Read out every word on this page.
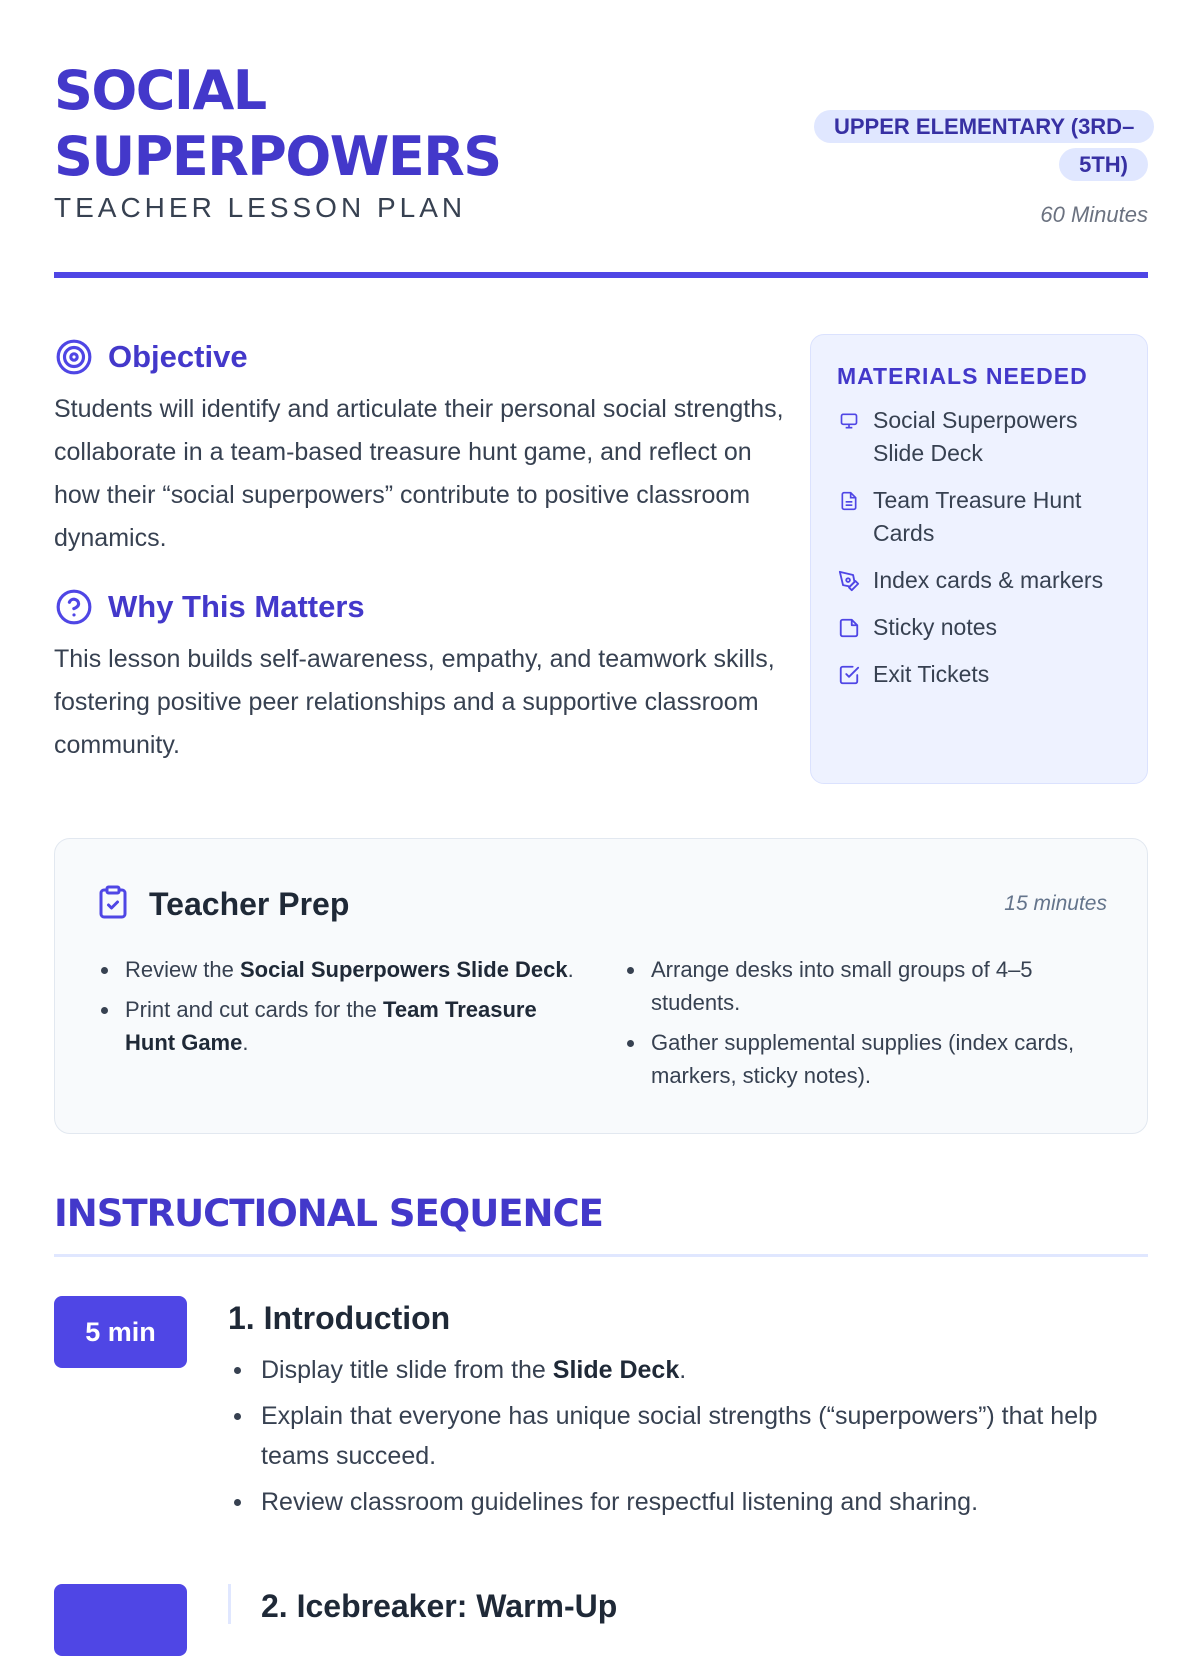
SOCIAL
SUPERPOWERS
TEACHER LESSON PLAN
UPPER ELEMENTARY (3RD–5TH)
60 Minutes
Objective

Students will identify and articulate their personal social strengths, collaborate in a team-based treasure hunt game, and reflect on how their “social superpowers” contribute to positive classroom dynamics.

Why This Matters

This lesson builds self-awareness, empathy, and teamwork skills, fostering positive peer relationships and a supportive classroom community.

MATERIALS NEEDED
Social Superpowers Slide Deck
Team Treasure Hunt Cards
Index cards & markers
Sticky notes
Exit Tickets
Teacher Prep	15 minutes
Review the Social Superpowers Slide Deck.
Print and cut cards for the Team Treasure Hunt Game.
Arrange desks into small groups of 4–5 students.
Gather supplemental supplies (index cards, markers, sticky notes).
INSTRUCTIONAL SEQUENCE
5 min	1. Introduction
Display title slide from the Slide Deck.
Explain that everyone has unique social strengths (“superpowers”) that help teams succeed.
Review classroom guidelines for respectful listening and sharing.
2. Icebreaker: Warm-Up
